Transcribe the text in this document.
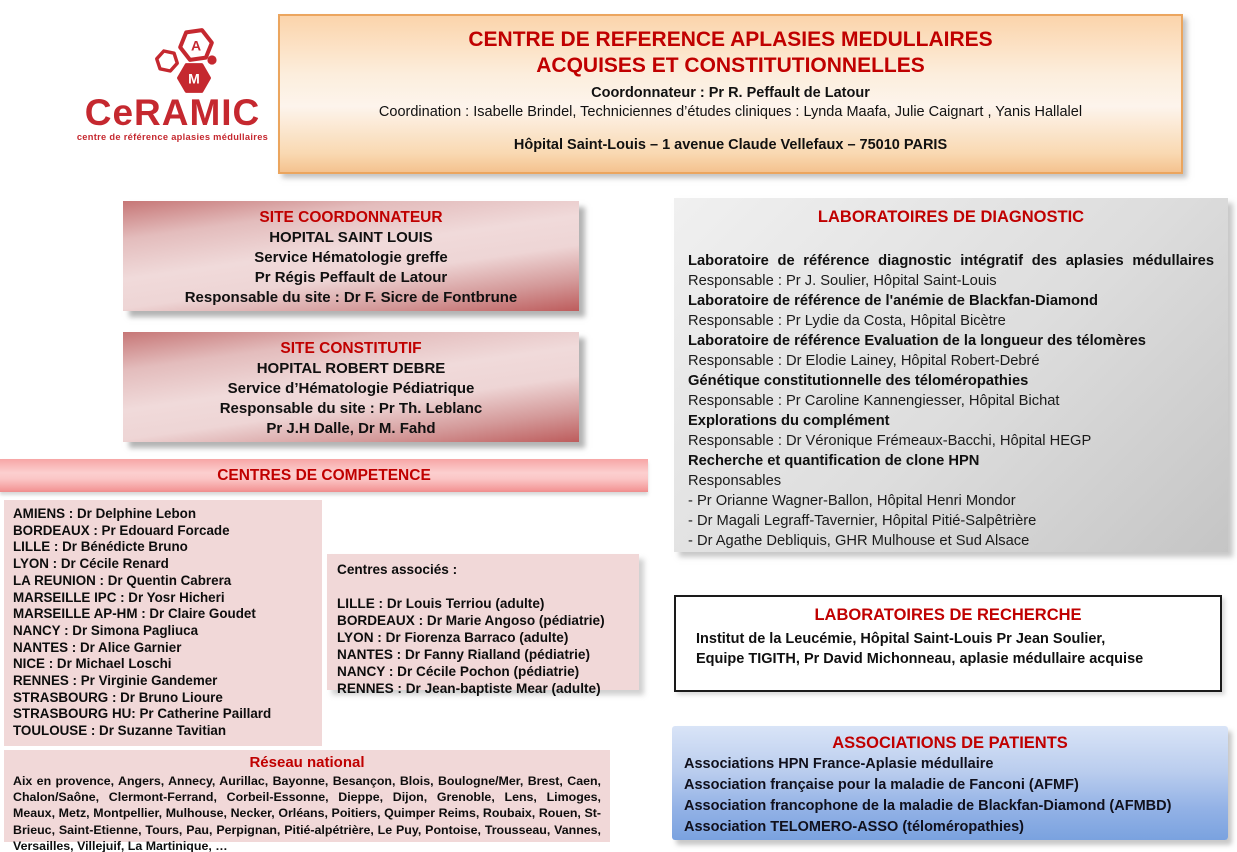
A
M
CeRAMIC
centre de référence aplasies médullaires
CENTRE DE REFERENCE APLASIES MEDULLAIRES
ACQUISES ET CONSTITUTIONNELLES
Coordonnateur : Pr R. Peffault de Latour
Coordination : Isabelle Brindel, Techniciennes d’études cliniques : Lynda Maafa, Julie Caignart , Yanis Hallalel
Hôpital Saint-Louis – 1 avenue Claude Vellefaux – 75010 PARIS
SITE COORDONNATEUR
HOPITAL SAINT LOUIS
Service Hématologie greffe
Pr Régis Peffault de Latour
Responsable du site : Dr F. Sicre de Fontbrune
SITE CONSTITUTIF
HOPITAL ROBERT DEBRE
Service d’Hématologie Pédiatrique
Responsable du site : Pr Th. Leblanc
Pr J.H Dalle, Dr M. Fahd
CENTRES DE COMPETENCE
AMIENS : Dr Delphine Lebon
BORDEAUX : Pr Edouard Forcade
LILLE : Dr Bénédicte Bruno
LYON : Dr Cécile Renard
LA REUNION : Dr Quentin Cabrera
MARSEILLE IPC : Dr Yosr Hicheri
MARSEILLE AP-HM : Dr Claire Goudet
NANCY : Dr Simona Pagliuca
NANTES : Dr Alice Garnier
NICE : Dr Michael Loschi
RENNES : Pr Virginie Gandemer
STRASBOURG : Dr Bruno Lioure
STRASBOURG HU: Pr Catherine Paillard
TOULOUSE : Dr Suzanne Tavitian
Centres associés :
LILLE : Dr Louis Terriou (adulte)
BORDEAUX : Dr Marie Angoso (pédiatrie)
LYON : Dr Fiorenza Barraco (adulte)
NANTES : Dr Fanny Rialland (pédiatrie)
NANCY : Dr Cécile Pochon (pédiatrie)
RENNES : Dr Jean-baptiste Mear (adulte)
Réseau national
Aix en provence, Angers, Annecy, Aurillac, Bayonne, Besançon, Blois, Boulogne/Mer, Brest, Caen, Chalon/Saône, Clermont-Ferrand, Corbeil-Essonne, Dieppe, Dijon, Grenoble, Lens, Limoges, Meaux, Metz, Montpellier, Mulhouse, Necker, Orléans, Poitiers, Quimper Reims, Roubaix, Rouen, St-Brieuc, Saint-Etienne, Tours, Pau, Perpignan, Pitié-alpétrière, Le Puy, Pontoise, Trousseau, Vannes, Versailles, Villejuif, La Martinique, …
LABORATOIRES DE DIAGNOSTIC
Laboratoire de référence diagnostic intégratif des aplasies médullaires
Responsable : Pr J. Soulier, Hôpital Saint-Louis
Laboratoire de référence de l'anémie de Blackfan-Diamond
Responsable : Pr Lydie da Costa, Hôpital Bicètre
Laboratoire de référence Evaluation de la longueur des télomères
Responsable : Dr Elodie Lainey, Hôpital Robert-Debré
Génétique constitutionnelle des téloméropathies
Responsable : Pr Caroline Kannengiesser, Hôpital Bichat
Explorations du complément
Responsable : Dr Véronique Frémeaux-Bacchi, Hôpital HEGP
Recherche et quantification de clone HPN
Responsables
- Pr Orianne Wagner-Ballon, Hôpital Henri Mondor
- Dr Magali Legraff-Tavernier, Hôpital Pitié-Salpêtrière
- Dr Agathe Debliquis, GHR Mulhouse et Sud Alsace
LABORATOIRES DE RECHERCHE
Institut de la Leucémie, Hôpital Saint-Louis Pr Jean Soulier,
Equipe TIGITH, Pr David Michonneau, aplasie médullaire acquise
ASSOCIATIONS DE PATIENTS
Associations HPN France-Aplasie médullaire
Association française pour la maladie de Fanconi (AFMF)
Association francophone de la maladie de Blackfan-Diamond (AFMBD)
Association TELOMERO-ASSO (téloméropathies)
